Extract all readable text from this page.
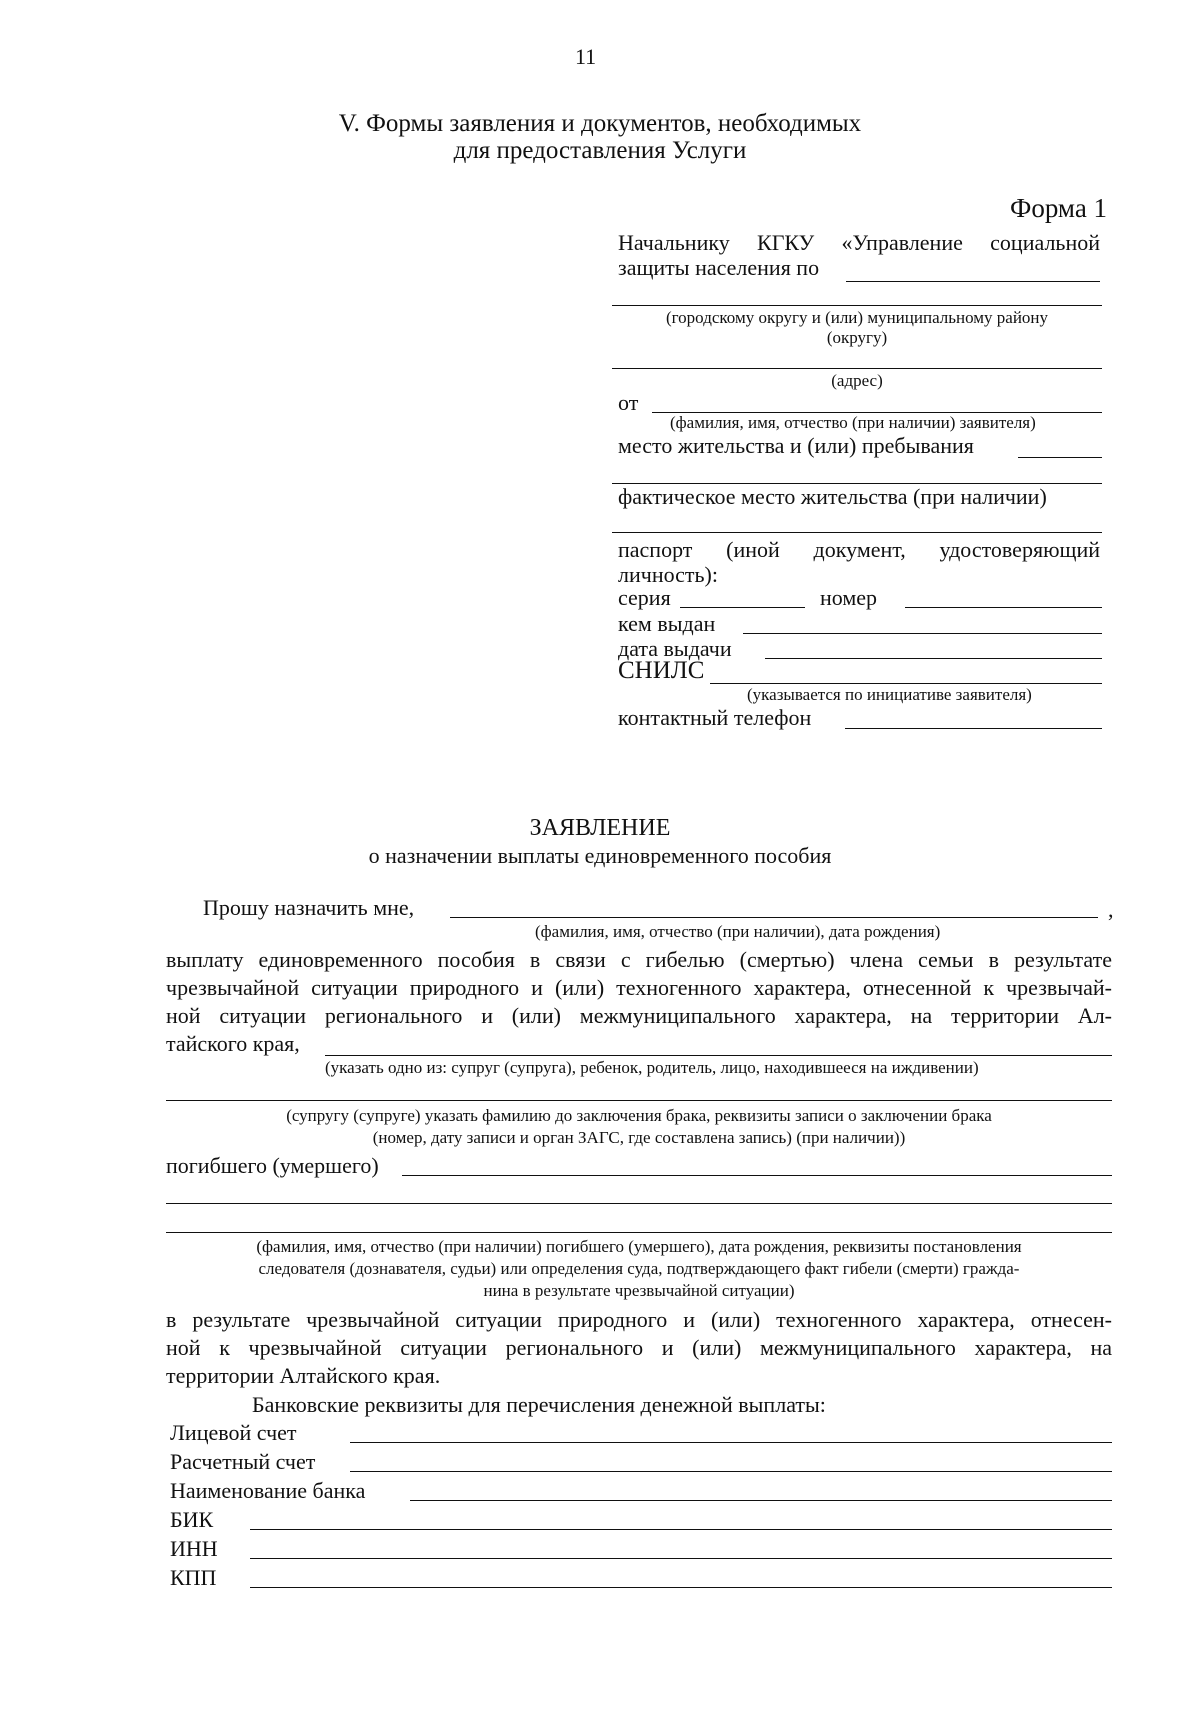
11
V. Формы заявления и документов, необходимых
для предоставления Услуги
Форма 1
Начальнику КГКУ «Управление социальной
защиты населения по
(городскому округу и (или) муниципальному району
(округу)
(адрес)
от
(фамилия, имя, отчество (при наличии) заявителя)
место жительства и (или) пребывания
фактическое место жительства (при наличии)
паспорт (иной документ, удостоверяющий
личность):
серия	номер
кем выдан
дата выдачи
СНИЛС
(указывается по инициативе заявителя)
контактный телефон
ЗАЯВЛЕНИЕ
о назначении выплаты единовременного пособия
Прошу назначить мне,	,
(фамилия, имя, отчество (при наличии), дата рождения)
выплату единовременного пособия в связи с гибелью (смертью) члена семьи в результате
чрезвычайной ситуации природного и (или) техногенного характера, отнесенной к чрезвычай-
ной ситуации регионального и (или) межмуниципального характера, на территории Ал-
тайского края,
(указать одно из: супруг (супруга), ребенок, родитель, лицо, находившееся на иждивении)
(супругу (супруге) указать фамилию до заключения брака, реквизиты записи о заключении брака
(номер, дату записи и орган ЗАГС, где составлена запись) (при наличии))
погибшего (умершего)
(фамилия, имя, отчество (при наличии) погибшего (умершего), дата рождения, реквизиты постановления
следователя (дознавателя, судьи) или определения суда, подтверждающего факт гибели (смерти) гражда-
нина в результате чрезвычайной ситуации)
в результате чрезвычайной ситуации природного и (или) техногенного характера, отнесен-
ной к чрезвычайной ситуации регионального и (или) межмуниципального характера, на
территории Алтайского края.
Банковские реквизиты для перечисления денежной выплаты:
Лицевой счет
Расчетный счет
Наименование банка
БИК
ИНН
КПП
